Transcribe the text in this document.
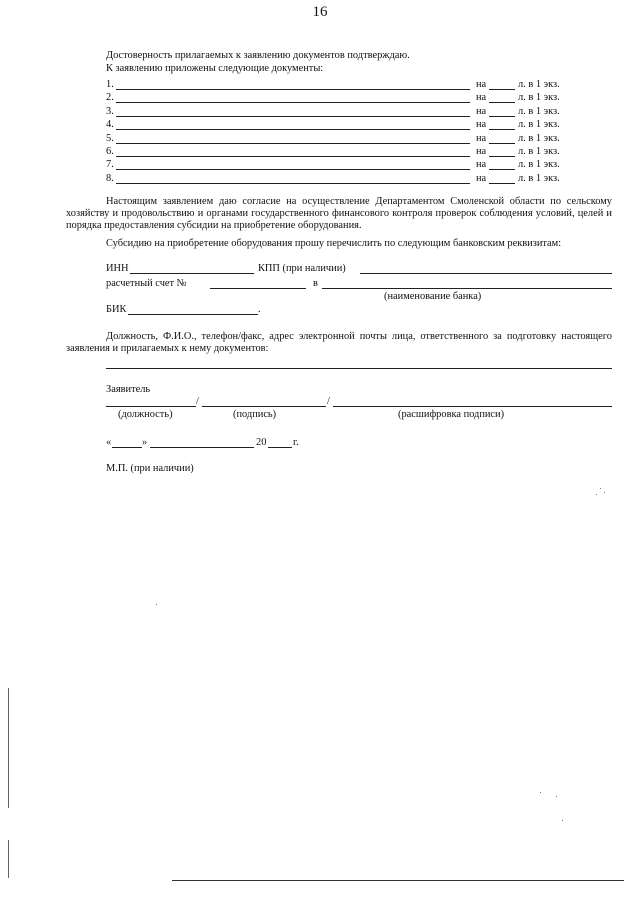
16
Достоверность прилагаемых к заявлению документов подтверждаю.
К заявлению приложены следующие документы:
1.	на	л. в 1 экз.
2.	на	л. в 1 экз.
3.	на	л. в 1 экз.
4.	на	л. в 1 экз.
5.	на	л. в 1 экз.
6.	на	л. в 1 экз.
7.	на	л. в 1 экз.
8.	на	л. в 1 экз.
Настоящим заявлением даю согласие на осуществление Департаментом Смоленской области по сельскому хозяйству и продовольствию и органами государственного финансового контроля проверок соблюдения условий, целей и порядка предоставления субсидии на приобретение оборудования.
Субсидию на приобретение оборудования прошу перечислить по следующим банковским реквизитам:
ИНН	КПП (при наличии)
расчетный счет №	в
(наименование банка)
БИК	.
Должность, Ф.И.О., телефон/факс, адрес электронной почты лица, ответственного за подготовку настоящего заявления и прилагаемых к нему документов:
Заявитель
/	/
(должность)	(подпись)	(расшифровка подписи)
«	»	20	г.
М.П. (при наличии)
